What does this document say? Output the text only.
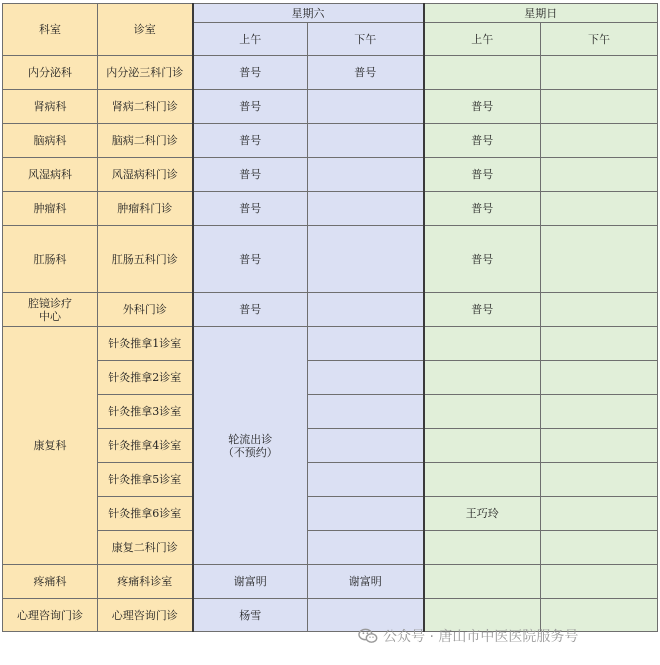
科室	诊室	星期六		星期日	
		上午	下午	上午	下午
内分泌科	内分泌三科门诊	普号	普号		
肾病科	肾病二科门诊	普号		普号	
脑病科	脑病二科门诊	普号		普号	
风湿病科	风湿病科门诊	普号		普号	
肿瘤科	肿瘤科门诊	普号		普号	
肛肠科	肛肠五科门诊	普号		普号	
腔镜诊疗
中心	外科门诊	普号		普号	
康复科	针灸推拿1诊室	轮流出诊
（不预约）			
	针灸推拿2诊室				
	针灸推拿3诊室				
	针灸推拿4诊室				
	针灸推拿5诊室				
	针灸推拿6诊室			王巧玲	
	康复二科门诊				
疼痛科	疼痛科诊室	谢富明	谢富明		
心理咨询门诊	心理咨询门诊	杨雪			
公众号 · 唐山市中医医院服务号
